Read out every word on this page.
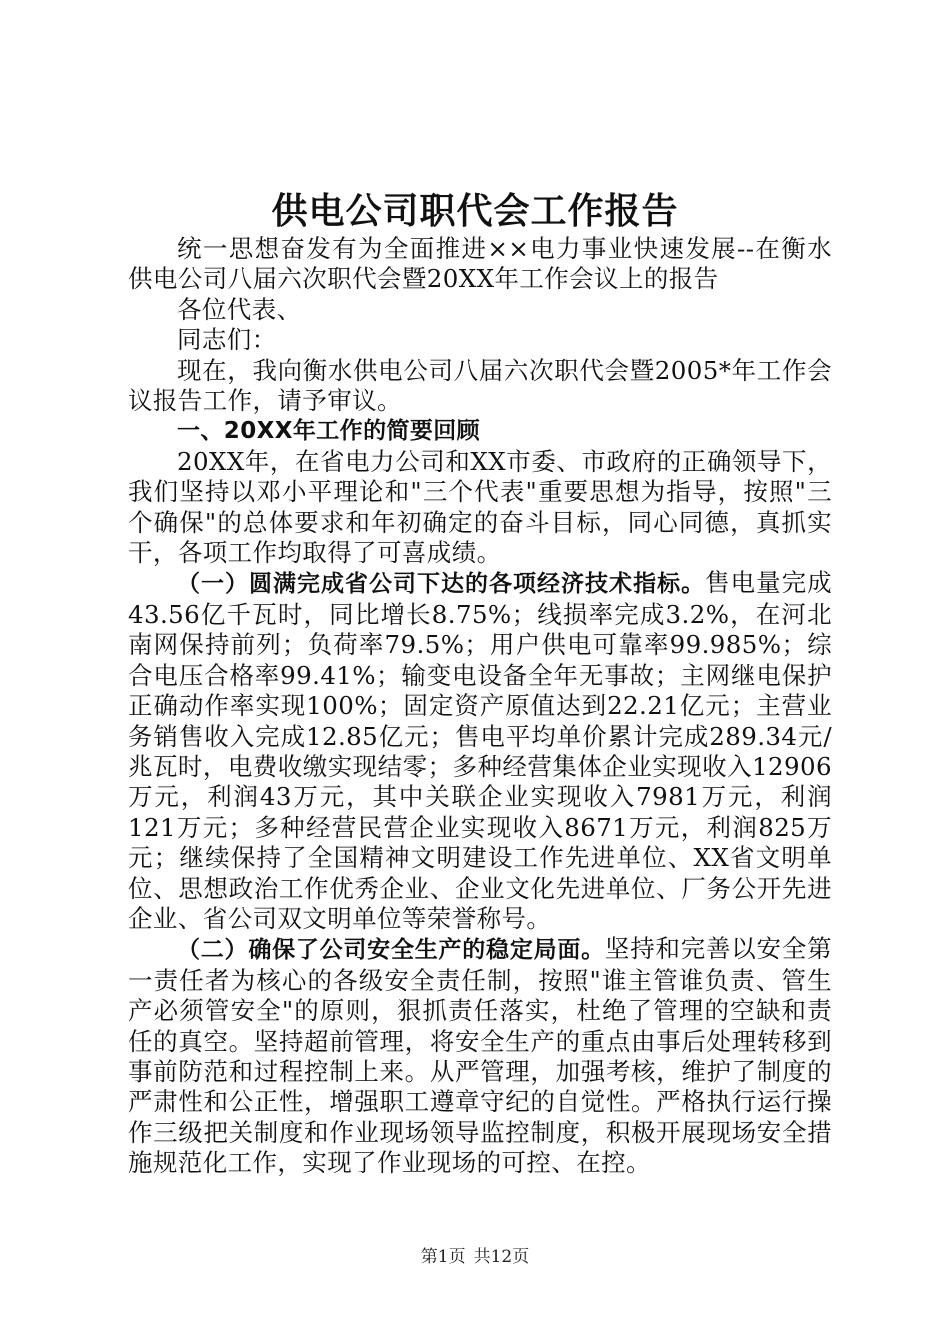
供电公司职代会工作报告

统一思想奋发有为全面推进××电力事业快速发展--在衡水供电公司八届六次职代会暨20XX年工作会议上的报告

各位代表、

同志们：

现在，我向衡水供电公司八届六次职代会暨2005*年工作会议报告工作，请予审议。

一、20XX年工作的简要回顾

20XX年，在省电力公司和XX市委、市政府的正确领导下，我们坚持以邓小平理论和"三个代表"重要思想为指导，按照"三个确保"的总体要求和年初确定的奋斗目标，同心同德，真抓实干，各项工作均取得了可喜成绩。

（一）圆满完成省公司下达的各项经济技术指标。售电量完成43.56亿千瓦时，同比增长8.75%；线损率完成3.2%，在河北南网保持前列；负荷率79.5%；用户供电可靠率99.985%；综合电压合格率99.41%；输变电设备全年无事故；主网继电保护正确动作率实现100%；固定资产原值达到22.21亿元；主营业务销售收入完成12.85亿元；售电平均单价累计完成289.34元/兆瓦时，电费收缴实现结零；多种经营集体企业实现收入12906万元，利润43万元，其中关联企业实现收入7981万元，利润121万元；多种经营民营企业实现收入8671万元，利润825万元；继续保持了全国精神文明建设工作先进单位、XX省文明单位、思想政治工作优秀企业、企业文化先进单位、厂务公开先进企业、省公司双文明单位等荣誉称号。

（二）确保了公司安全生产的稳定局面。坚持和完善以安全第一责任者为核心的各级安全责任制，按照"谁主管谁负责、管生产必须管安全"的原则，狠抓责任落实，杜绝了管理的空缺和责任的真空。坚持超前管理，将安全生产的重点由事后处理转移到事前防范和过程控制上来。从严管理，加强考核，维护了制度的严肃性和公正性，增强职工遵章守纪的自觉性。严格执行运行操作三级把关制度和作业现场领导监控制度，积极开展现场安全措施规范化工作，实现了作业现场的可控、在控。

第1页 共12页
